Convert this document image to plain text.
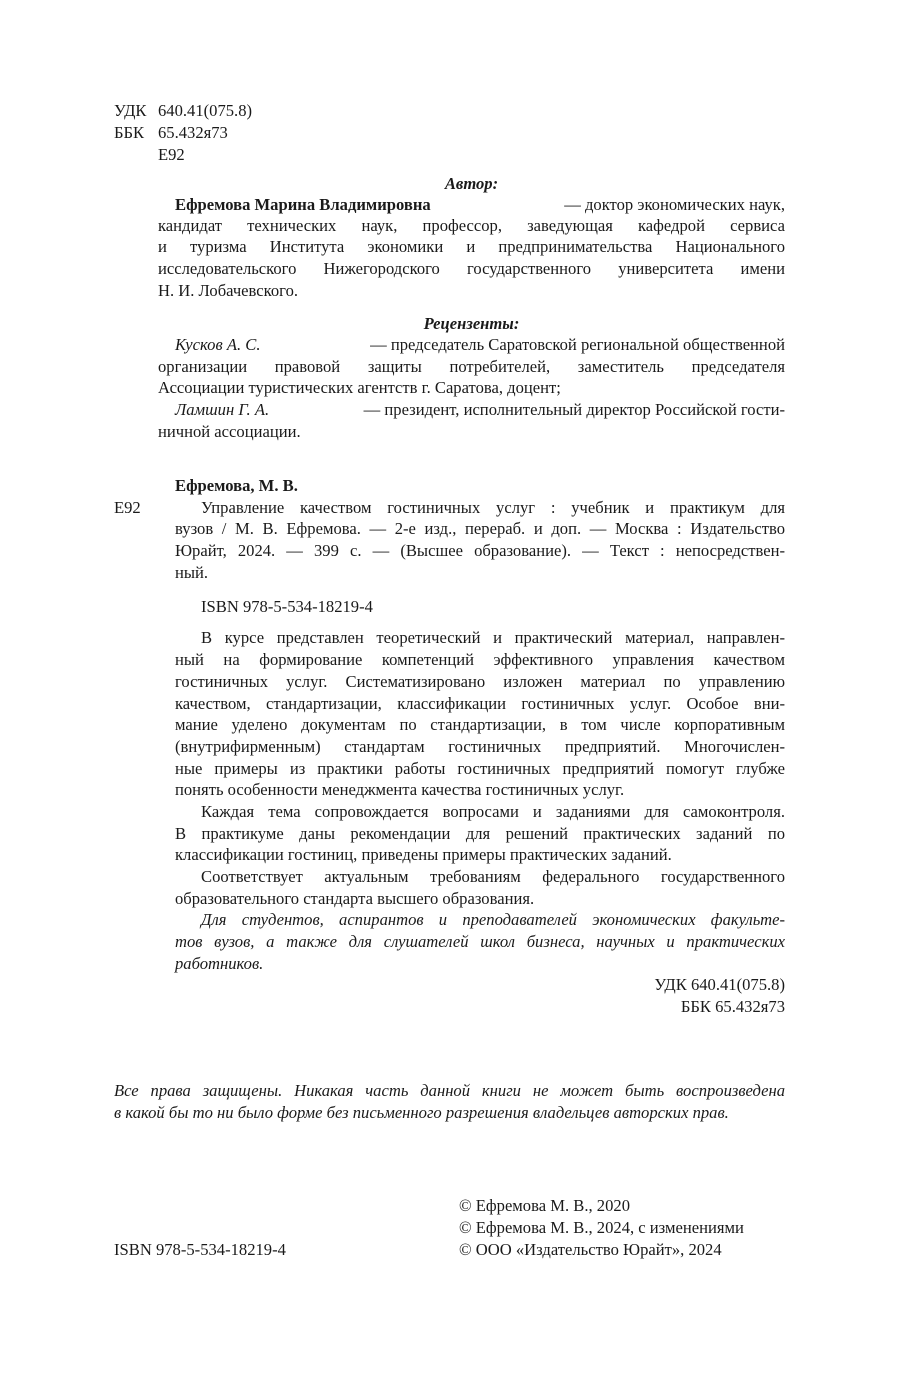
УДК 640.41(075.8)
ББК 65.432я73
Е92
Автор:
Ефремова Марина Владимировна	— доктор экономических наук,
кандидат технических наук, профессор, заведующая кафедрой сервиса
и туризма Института экономики и предпринимательства Национального
исследовательского Нижегородского государственного университета имени
Н. И. Лобачевского.
Рецензенты:
Кусков А. С.	— председатель Саратовской региональной общественной
организации правовой защиты потребителей, заместитель председателя
Ассоциации туристических агентств г. Саратова, доцент;
Ламшин Г. А.	— президент, исполнительный директор Российской гости-
ничной ассоциации.
Ефремова, М. В.
Е92	Управление качеством гостиничных услуг : учебник и практикум для
вузов / М. В. Ефремова. — 2-е изд., перераб. и доп. — Москва : Издательство
Юрайт, 2024. — 399 с. — (Высшее образование). — Текст : непосредствен-
ный.
ISBN 978-5-534-18219-4
В курсе представлен теоретический и практический материал, направлен-
ный на формирование компетенций эффективного управления качеством
гостиничных услуг. Систематизировано изложен материал по управлению
качеством, стандартизации, классификации гостиничных услуг. Особое вни-
мание уделено документам по стандартизации, в том числе корпоративным
(внутрифирменным) стандартам гостиничных предприятий. Многочислен-
ные примеры из практики работы гостиничных предприятий помогут глубже
понять особенности менеджмента качества гостиничных услуг.
Каждая тема сопровождается вопросами и заданиями для самоконтроля.
В практикуме даны рекомендации для решений практических заданий по
классификации гостиниц, приведены примеры практических заданий.
Соответствует актуальным требованиям федерального государственного
образовательного стандарта высшего образования.
Для студентов, аспирантов и преподавателей экономических факульте-
тов вузов, а также для слушателей школ бизнеса, научных и практических
работников.
УДК 640.41(075.8)
ББК 65.432я73
Все права защищены. Никакая часть данной книги не может быть воспроизведена
в какой бы то ни было форме без письменного разрешения владельцев авторских прав.
© Ефремова М. В., 2020
© Ефремова М. В., 2024, с изменениями
ISBN 978-5-534-18219-4	© ООО «Издательство Юрайт», 2024
